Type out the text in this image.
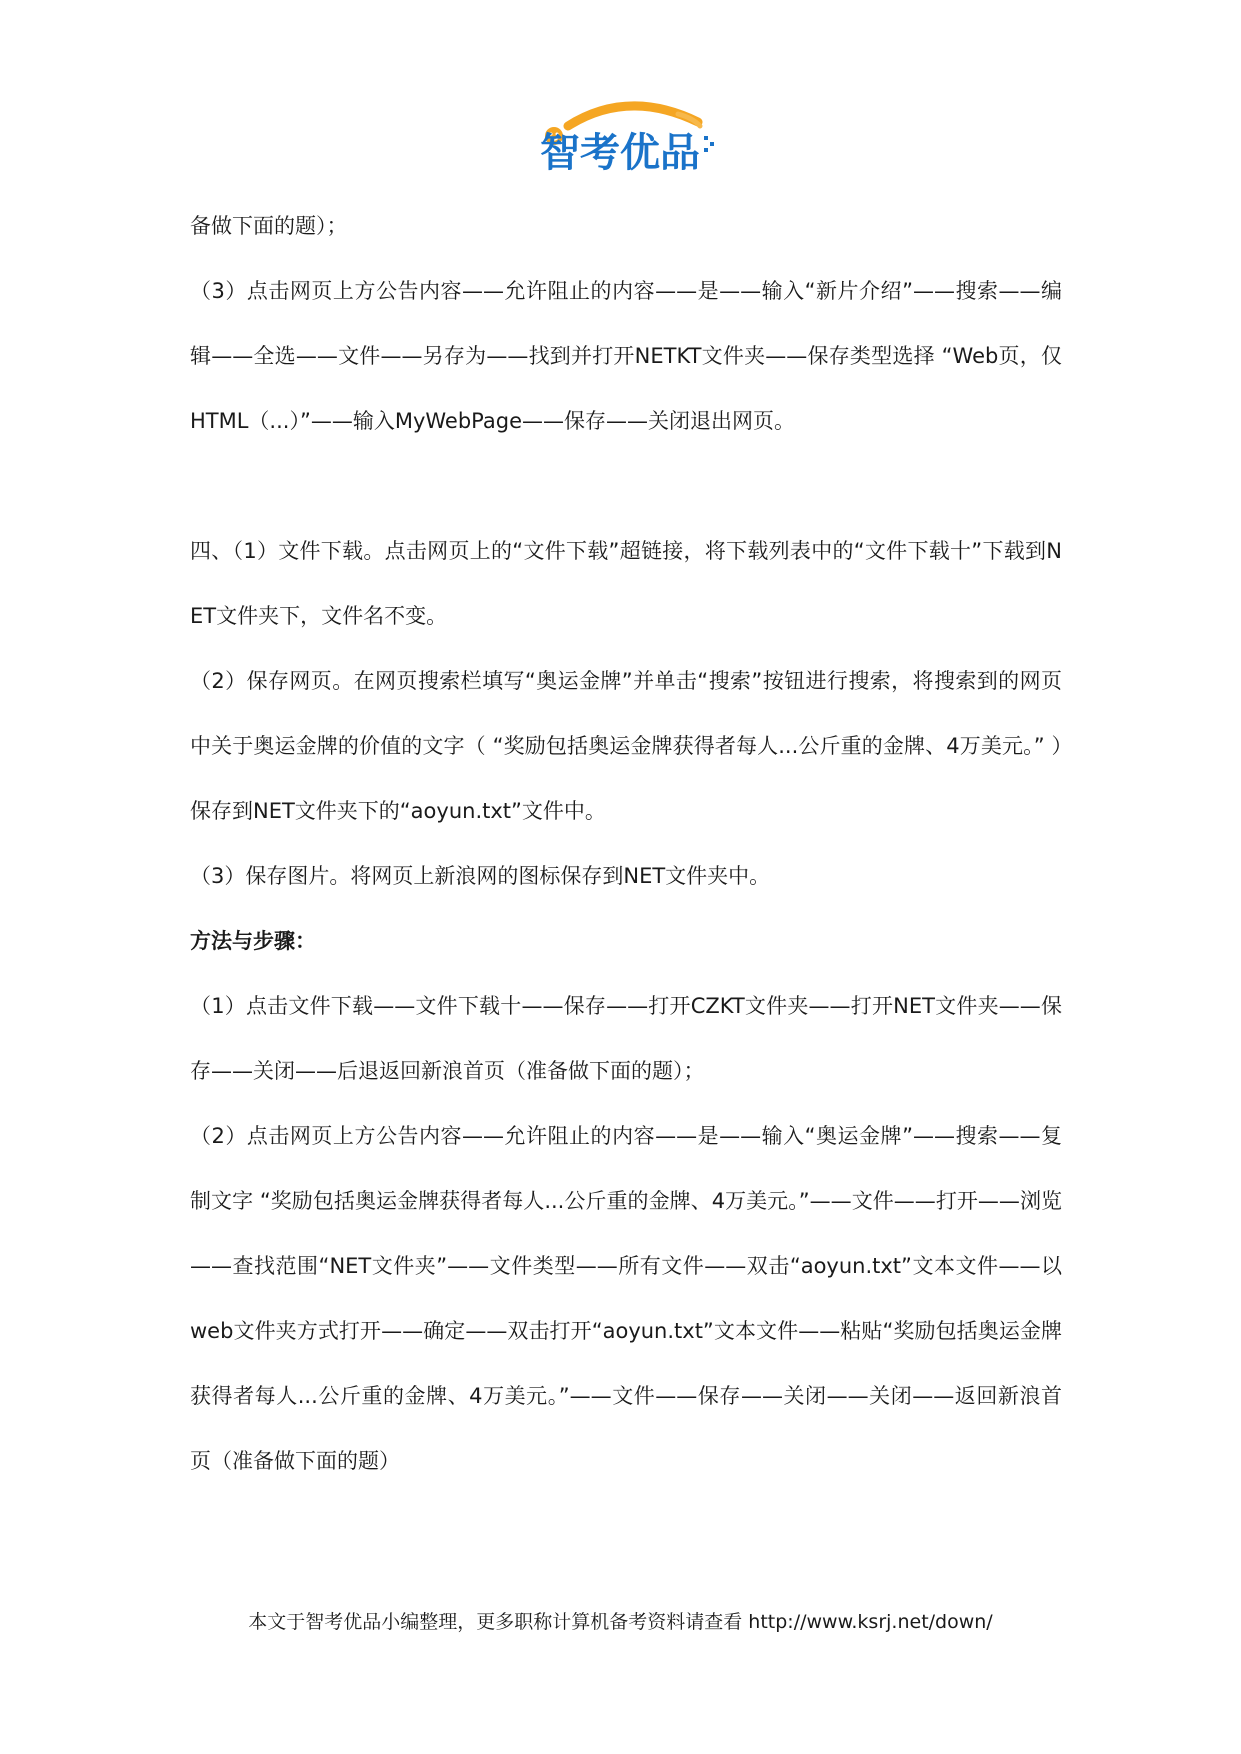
智考优品

备做下面的题）；

（3）点击网页上方公告内容——允许阻止的内容——是——输入“新片介绍”——搜索——编辑——全选——文件——另存为——找到并打开NETKT文件夹——保存类型选择 “Web页，仅HTML（...）”——输入MyWebPage——保存——关闭退出网页。

四、（1）文件下载。点击网页上的“文件下载”超链接，将下载列表中的“文件下载十”下载到NET文件夹下，文件名不变。

（2）保存网页。在网页搜索栏填写“奥运金牌”并单击“搜索”按钮进行搜索，将搜索到的网页中关于奥运金牌的价值的文字（ “奖励包括奥运金牌获得者每人...公斤重的金牌、4万美元。” ）保存到NET文件夹下的“aoyun.txt”文件中。

（3）保存图片。将网页上新浪网的图标保存到NET文件夹中。

方法与步骤：

（1）点击文件下载——文件下载十——保存——打开CZKT文件夹——打开NET文件夹——保存——关闭——后退返回新浪首页（准备做下面的题）；

（2）点击网页上方公告内容——允许阻止的内容——是——输入“奥运金牌”——搜索——复制文字 “奖励包括奥运金牌获得者每人...公斤重的金牌、4万美元。”——文件——打开——浏览——查找范围“NET文件夹”——文件类型——所有文件——双击“aoyun.txt”文本文件——以web文件夹方式打开——确定——双击打开“aoyun.txt”文本文件——粘贴“奖励包括奥运金牌获得者每人...公斤重的金牌、4万美元。”——文件——保存——关闭——关闭——返回新浪首页（准备做下面的题）

本文于智考优品小编整理，更多职称计算机备考资料请查看 http://www.ksrj.net/down/
